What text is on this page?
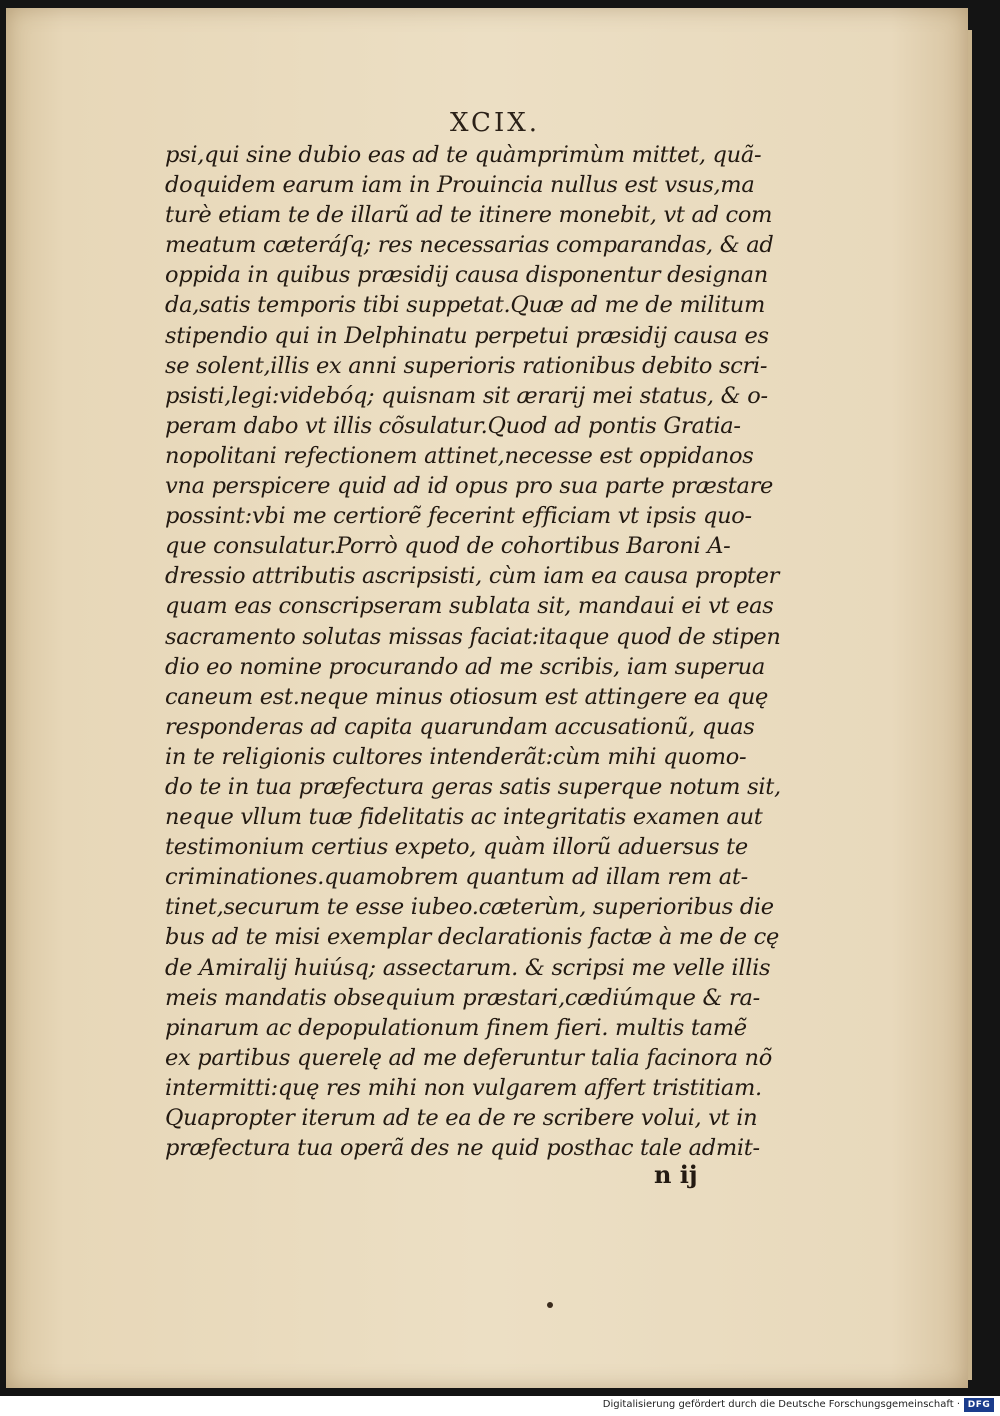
XCIX.
psi,qui sine dubio eas ad te quàmprimùm mittet, quã-
doquidem earum iam in Prouincia nullus est vsus,ma
turè etiam te de illarũ ad te itinere monebit, vt ad com
meatum cæteráſq; res necessarias comparandas, & ad
oppida in quibus præsidij causa disponentur designan
da,satis temporis tibi suppetat.Quæ ad me de militum
stipendio qui in Delphinatu perpetui præsidij causa es
se solent,illis ex anni superioris rationibus debito scri-
psisti,legi:videbóq; quisnam sit ærarij mei status, & o-
peram dabo vt illis cõsulatur.Quod ad pontis Gratia-
nopolitani refectionem attinet,necesse est oppidanos
vna perspicere quid ad id opus pro sua parte præstare
possint:vbi me certiorẽ fecerint efficiam vt ipsis quo-
que consulatur.Porrò quod de cohortibus Baroni A-
dressio attributis ascripsisti, cùm iam ea causa propter
quam eas conscripseram sublata sit, mandaui ei vt eas
sacramento solutas missas faciat:itaque quod de stipen
dio eo nomine procurando ad me scribis, iam superua
caneum est.neque minus otiosum est attingere ea quę
responderas ad capita quarundam accusationũ, quas
in te religionis cultores intenderãt:cùm mihi quomo-
do te in tua præfectura geras satis superque notum sit,
neque vllum tuæ fidelitatis ac integritatis examen aut
testimonium certius expeto, quàm illorũ aduersus te
criminationes.quamobrem quantum ad illam rem at-
tinet,securum te esse iubeo.cæterùm, superioribus die
bus ad te misi exemplar declarationis factæ à me de cę
de Amiralij huiúsq; assectarum. & scripsi me velle illis
meis mandatis obsequium præstari,cædiúmque & ra-
pinarum ac depopulationum finem fieri. multis tamẽ
ex partibus querelę ad me deferuntur talia facinora nõ
intermitti:quę res mihi non vulgarem affert tristitiam.
Quapropter iterum ad te ea de re scribere volui, vt in
præfectura tua operã des ne quid posthac tale admit-
n ij
Digitalisierung gefördert durch die Deutsche Forschungsgemeinschaft · DFG
